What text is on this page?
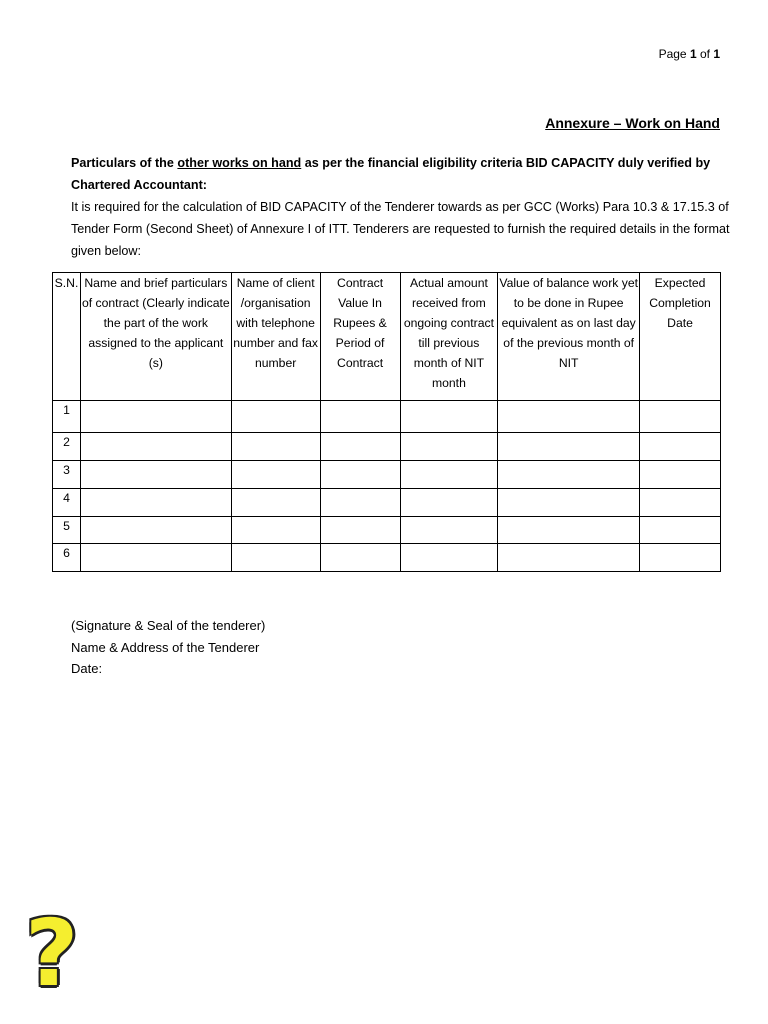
Page 1 of 1
Annexure – Work on Hand

Particulars of the other works on hand as per the financial eligibility criteria BID CAPACITY duly verified by Chartered Accountant:

It is required for the calculation of BID CAPACITY of the Tenderer towards as per GCC (Works) Para 10.3 & 17.15.3 of Tender Form (Second Sheet) of Annexure I of ITT. Tenderers are requested to furnish the required details in the format given below:

S.N.	Name and brief particulars of contract (Clearly indicate the part of the work assigned to the applicant (s)	Name of client /organisation with telephone number and fax number	Contract Value In Rupees & Period of Contract	Actual amount received from ongoing contract till previous month of NIT month	Value of balance work yet to be done in Rupee equivalent as on last day of the previous month of NIT	Expected Completion Date
1						
2						
3						
4						
5						
6						
(Signature & Seal of the tenderer)
Name & Address of the Tenderer
Date:
?
